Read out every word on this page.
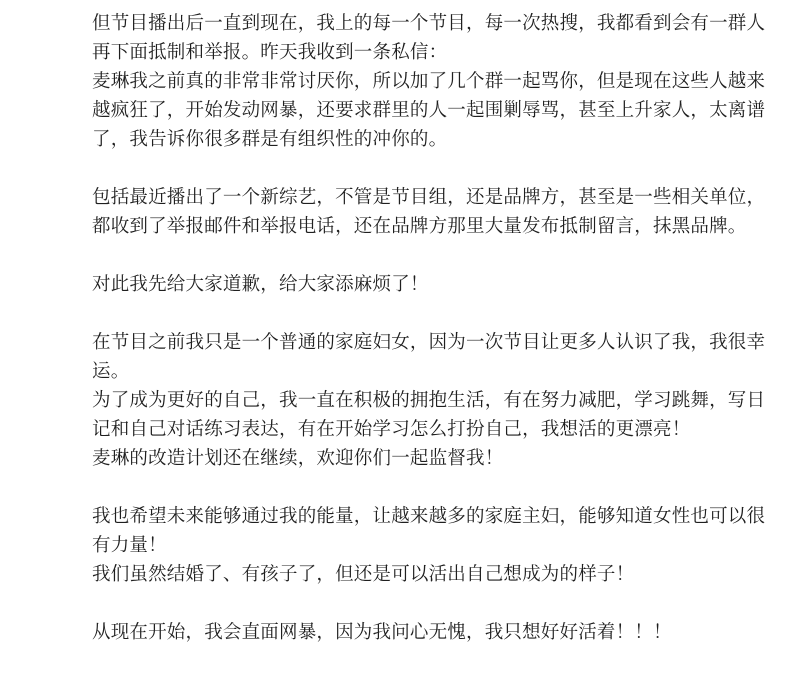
但节目播出后一直到现在，我上的每一个节目，每一次热搜，我都看到会有一群人
再下面抵制和举报。昨天我收到一条私信：
麦琳我之前真的非常非常讨厌你，所以加了几个群一起骂你，但是现在这些人越来
越疯狂了，开始发动网暴，还要求群里的人一起围剿辱骂，甚至上升家人，太离谱
了，我告诉你很多群是有组织性的冲你的。
包括最近播出了一个新综艺，不管是节目组，还是品牌方，甚至是一些相关单位，
都收到了举报邮件和举报电话，还在品牌方那里大量发布抵制留言，抹黑品牌。
对此我先给大家道歉，给大家添麻烦了！
在节目之前我只是一个普通的家庭妇女，因为一次节目让更多人认识了我，我很幸
运。
为了成为更好的自己，我一直在积极的拥抱生活，有在努力减肥，学习跳舞，写日
记和自己对话练习表达，有在开始学习怎么打扮自己，我想活的更漂亮！
麦琳的改造计划还在继续，欢迎你们一起监督我！
我也希望未来能够通过我的能量，让越来越多的家庭主妇，能够知道女性也可以很
有力量！
我们虽然结婚了、有孩子了，但还是可以活出自己想成为的样子！
从现在开始，我会直面网暴，因为我问心无愧，我只想好好活着！！！
